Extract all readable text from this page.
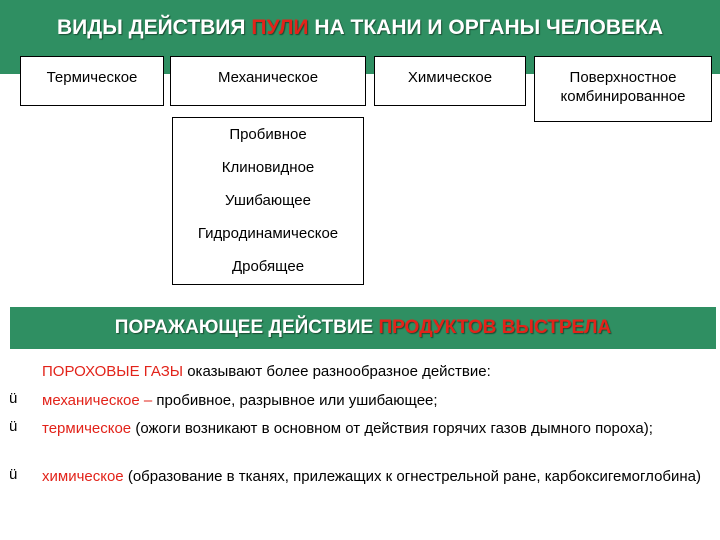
ВИДЫ ДЕЙСТВИЯ ПУЛИ НА ТКАНИ И ОРГАНЫ ЧЕЛОВЕКА
Термическое	Механическое	Химическое	Поверхностное
комбинированное
Пробивное
Клиновидное
Ушибающее
Гидродинамическое
Дробящее
ПОРАЖАЮЩЕЕ ДЕЙСТВИЕ ПРОДУКТОВ ВЫСТРЕЛА
ПОРОХОВЫЕ ГАЗЫ оказывают более разнообразное действие:
ü механическое – пробивное, разрывное или ушибающее;
ü термическое (ожоги возникают в основном от действия горячих газов дымного пороха);
ü химическое (образование в тканях, прилежащих к огнестрельной ране, карбоксигемоглобина)
